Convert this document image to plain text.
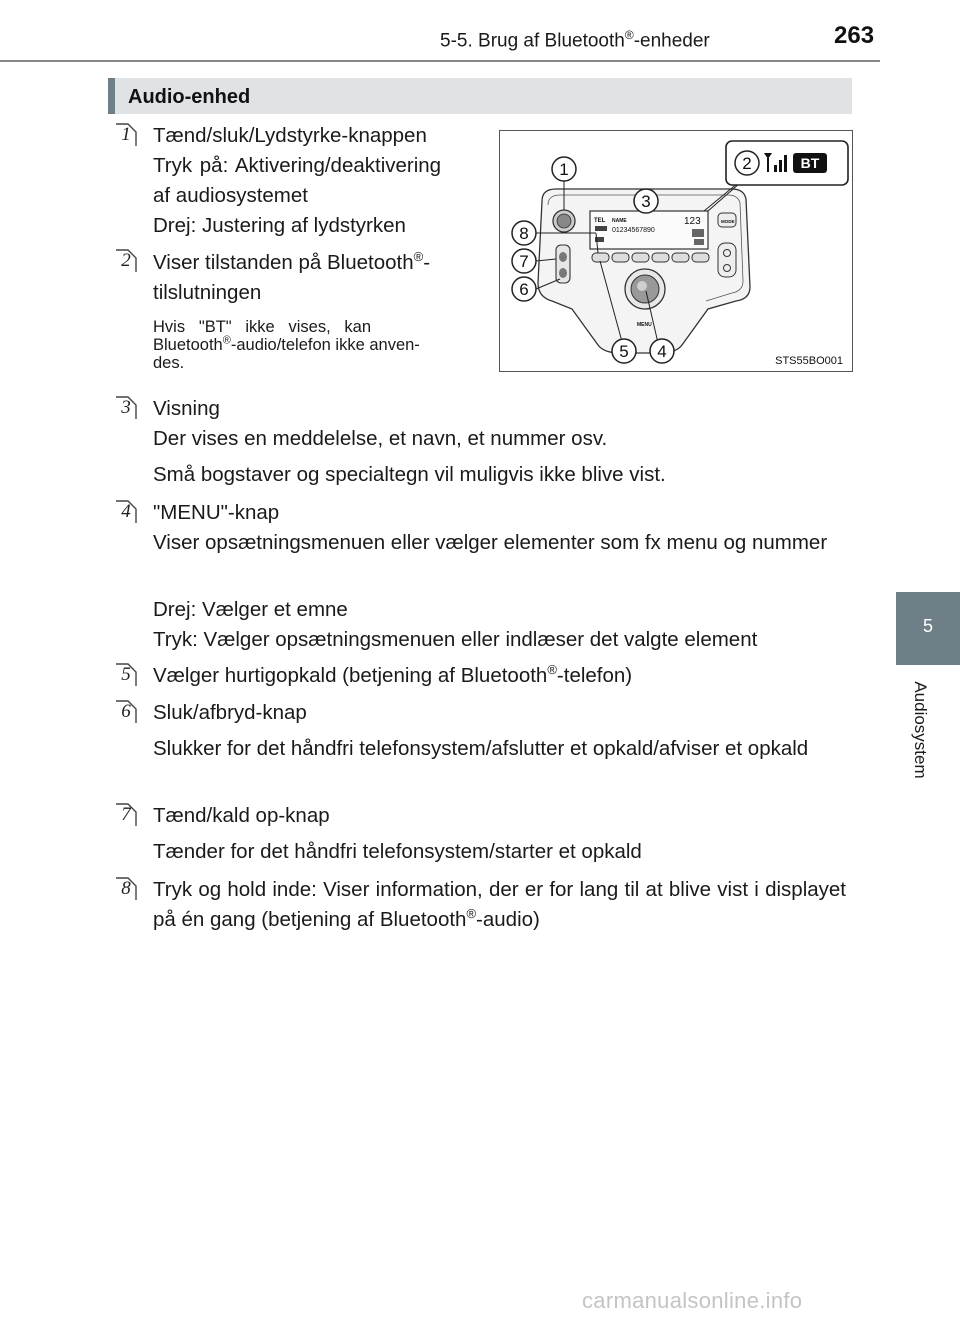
5-5. Brug af Bluetooth®-enheder	263
5
Audiosystem
Audio-enhed
1	Tænd/sluk/Lydstyrke-knappen
Tryk på: Aktivering/deaktivering
af audiosystemet
Drej: Justering af lydstyrken
2	Viser tilstanden på Bluetooth®-
tilslutningen
Hvis   "BT"   ikke   vises,   kan
Bluetooth®-audio/telefon ikke anven-
des.
TEL NAME
01234567890
123	MODE
MENU
1
3
8
7
6
5 4
2	BT
STS55BO001
3	Visning
Der vises en meddelelse, et navn, et nummer osv.
Små bogstaver og specialtegn vil muligvis ikke blive vist.
4	"MENU"-knap
Viser opsætningsmenuen eller vælger elementer som fx menu og nummer
Drej: Vælger et emne
Tryk: Vælger opsætningsmenuen eller indlæser det valgte element
5	Vælger hurtigopkald (betjening af Bluetooth®-telefon)
6	Sluk/afbryd-knap
Slukker for det håndfri telefonsystem/afslutter et opkald/afviser et opkald
7	Tænd/kald op-knap
Tænder for det håndfri telefonsystem/starter et opkald
8	Tryk og hold inde: Viser information, der er for lang til at blive vist i displayet på én gang (betjening af Bluetooth®-audio)
carmanualsonline.info
